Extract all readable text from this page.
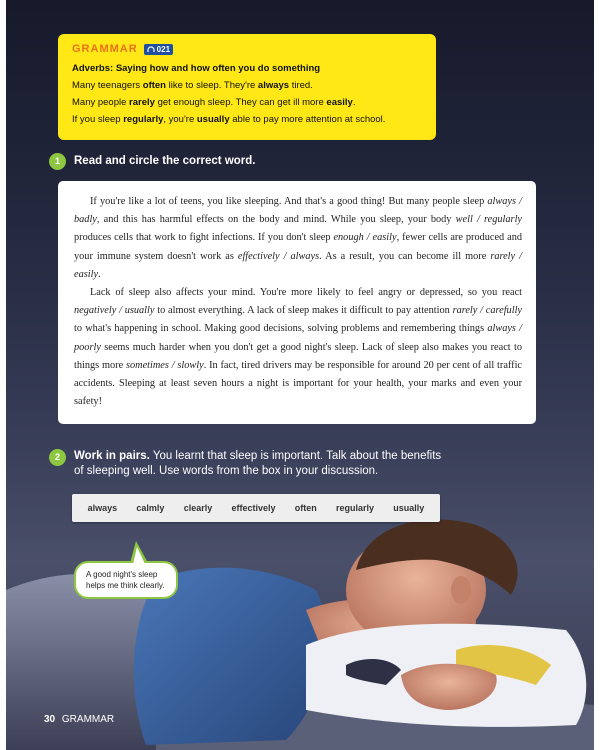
GRAMMAR 021
Adverbs: Saying how and how often you do something
Many teenagers often like to sleep. They're always tired.
Many people rarely get enough sleep. They can get ill more easily.
If you sleep regularly, you're usually able to pay more attention at school.
1	Read and circle the correct word.

If you're like a lot of teens, you like sleeping. And that's a good thing! But many people sleep always / badly, and this has harmful effects on the body and mind. While you sleep, your body well / regularly produces cells that work to fight infections. If you don't sleep enough / easily, fewer cells are produced and your immune system doesn't work as effectively / always. As a result, you can become ill more rarely / easily.

Lack of sleep also affects your mind. You're more likely to feel angry or depressed, so you react negatively / usually to almost everything. A lack of sleep makes it difficult to pay attention rarely / carefully to what's happening in school. Making good decisions, solving problems and remembering things always / poorly seems much harder when you don't get a good night's sleep. Lack of sleep also makes you react to things more sometimes / slowly. In fact, tired drivers may be responsible for around 20 per cent of all traffic accidents. Sleeping at least seven hours a night is important for your health, your marks and even your safety!

2	Work in pairs. You learnt that sleep is important. Talk about the benefits of sleeping well. Use words from the box in your discussion.
always calmly clearly effectively often regularly usually
A good night's sleep helps me think clearly.
30 GRAMMAR
